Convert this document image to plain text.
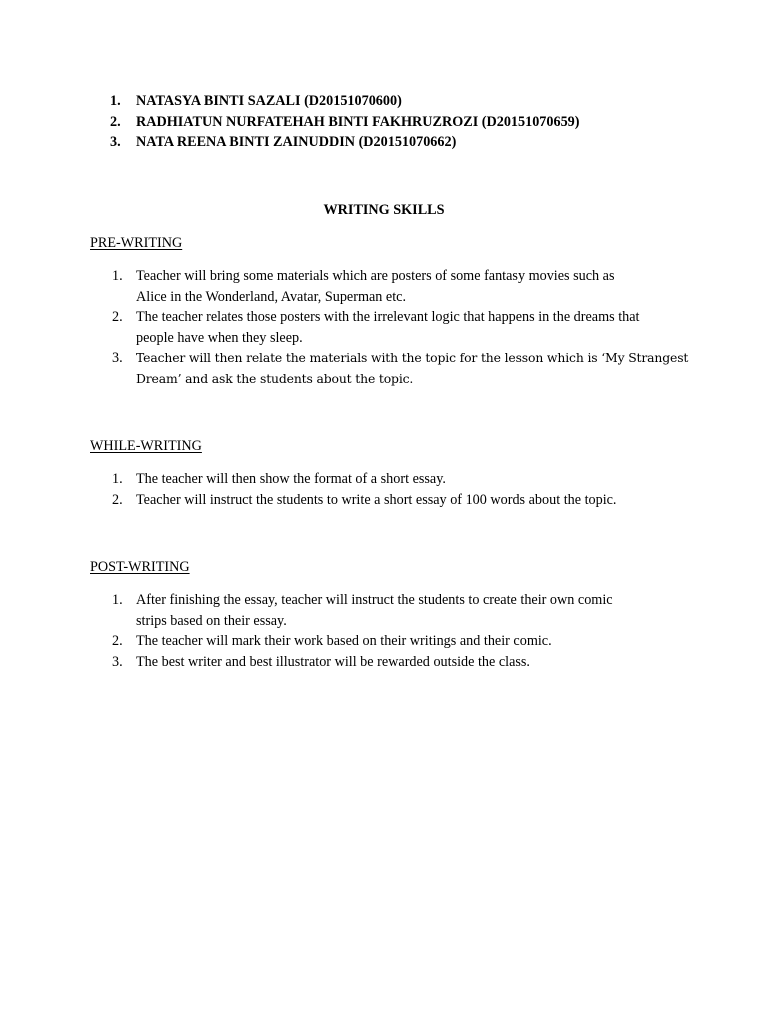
1.	NATASYA BINTI SAZALI (D20151070600)
2.	RADHIATUN NURFATEHAH BINTI FAKHRUZROZI (D20151070659)
3.	NATA REENA BINTI ZAINUDDIN (D20151070662)
WRITING SKILLS
PRE-WRITING
1. Teacher will bring some materials which are posters of some fantasy movies such as
Alice in the Wonderland, Avatar, Superman etc.
2. The teacher relates those posters with the irrelevant logic that happens in the dreams that
people have when they sleep.
3.	Teacher will then relate the materials with the topic for the lesson which is ‘My Strangest
Dream’ and ask the students about the topic.
WHILE-WRITING
1. The teacher will then show the format of a short essay.
2. Teacher will instruct the students to write a short essay of 100 words about the topic.
POST-WRITING
1. After finishing the essay, teacher will instruct the students to create their own comic
strips based on their essay.
2. The teacher will mark their work based on their writings and their comic.
3. The best writer and best illustrator will be rewarded outside the class.
